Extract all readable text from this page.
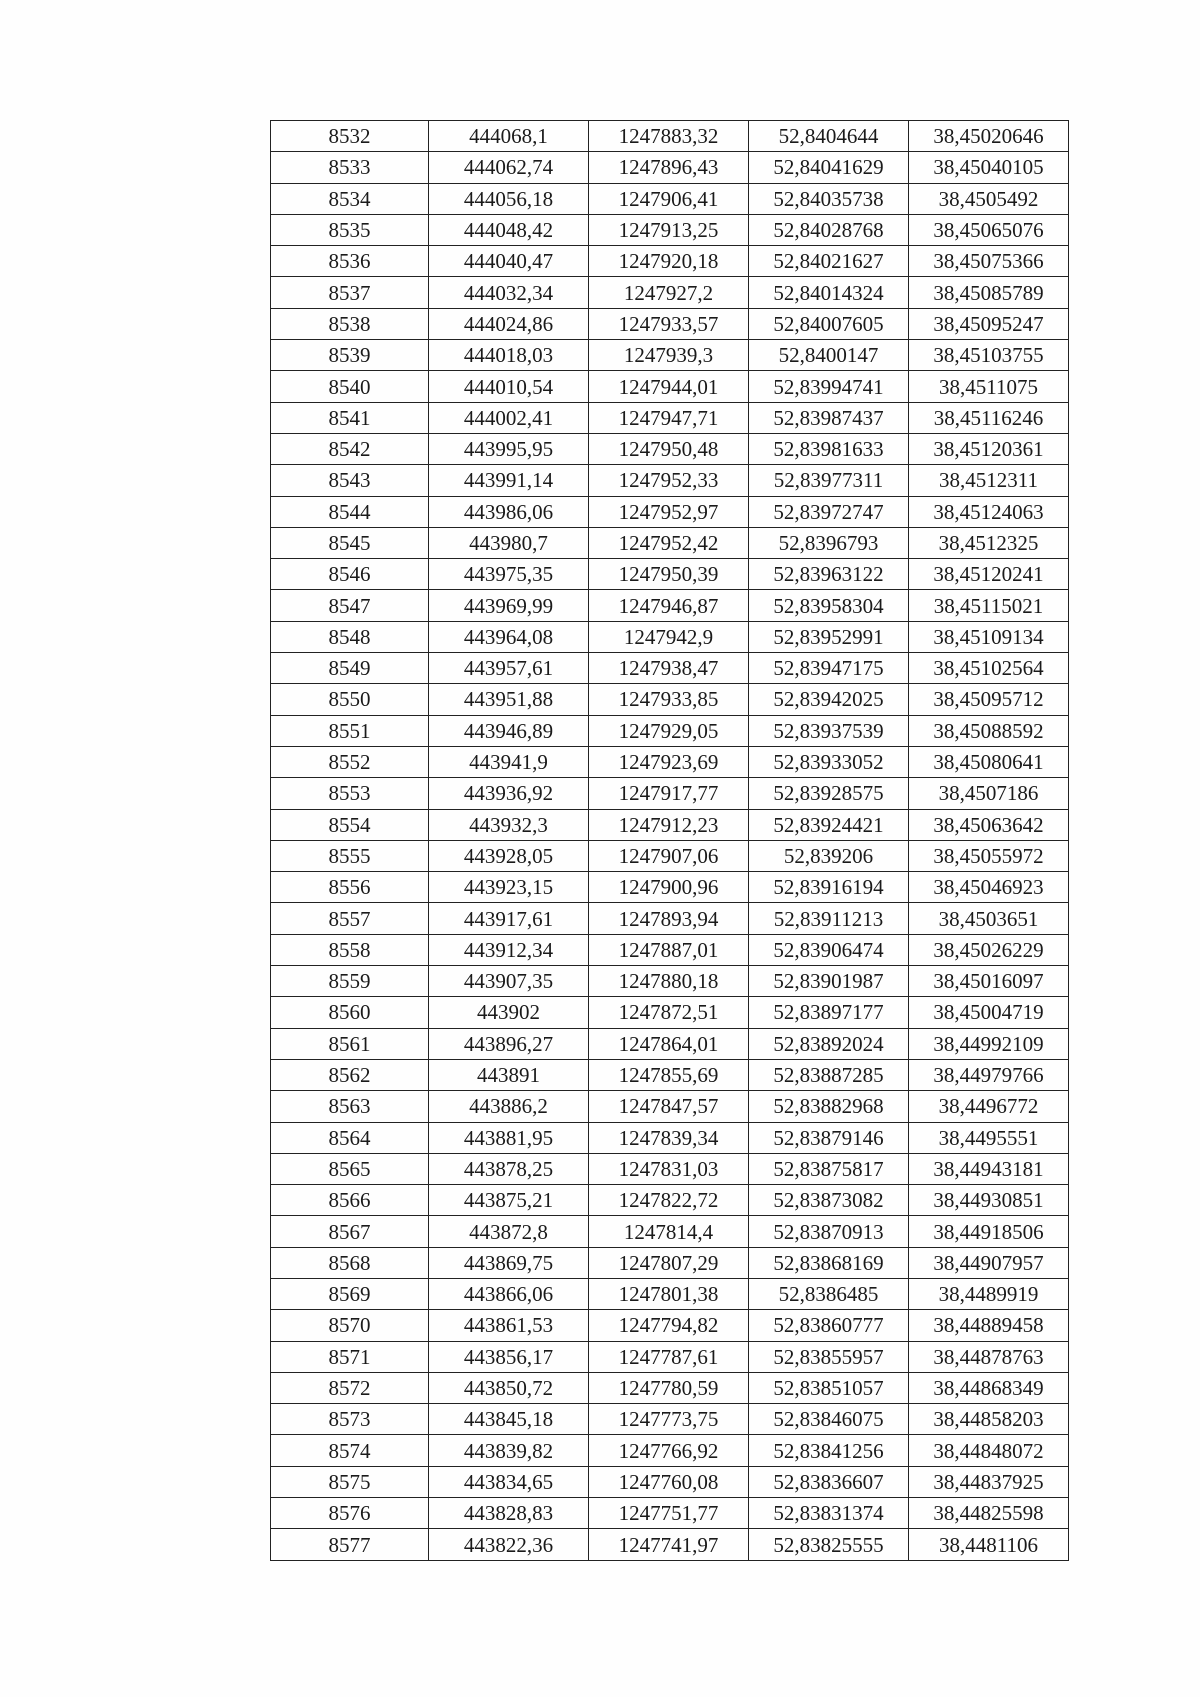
8532	444068,1	1247883,32	52,8404644	38,45020646
8533	444062,74	1247896,43	52,84041629	38,45040105
8534	444056,18	1247906,41	52,84035738	38,4505492
8535	444048,42	1247913,25	52,84028768	38,45065076
8536	444040,47	1247920,18	52,84021627	38,45075366
8537	444032,34	1247927,2	52,84014324	38,45085789
8538	444024,86	1247933,57	52,84007605	38,45095247
8539	444018,03	1247939,3	52,8400147	38,45103755
8540	444010,54	1247944,01	52,83994741	38,4511075
8541	444002,41	1247947,71	52,83987437	38,45116246
8542	443995,95	1247950,48	52,83981633	38,45120361
8543	443991,14	1247952,33	52,83977311	38,4512311
8544	443986,06	1247952,97	52,83972747	38,45124063
8545	443980,7	1247952,42	52,8396793	38,4512325
8546	443975,35	1247950,39	52,83963122	38,45120241
8547	443969,99	1247946,87	52,83958304	38,45115021
8548	443964,08	1247942,9	52,83952991	38,45109134
8549	443957,61	1247938,47	52,83947175	38,45102564
8550	443951,88	1247933,85	52,83942025	38,45095712
8551	443946,89	1247929,05	52,83937539	38,45088592
8552	443941,9	1247923,69	52,83933052	38,45080641
8553	443936,92	1247917,77	52,83928575	38,4507186
8554	443932,3	1247912,23	52,83924421	38,45063642
8555	443928,05	1247907,06	52,839206	38,45055972
8556	443923,15	1247900,96	52,83916194	38,45046923
8557	443917,61	1247893,94	52,83911213	38,4503651
8558	443912,34	1247887,01	52,83906474	38,45026229
8559	443907,35	1247880,18	52,83901987	38,45016097
8560	443902	1247872,51	52,83897177	38,45004719
8561	443896,27	1247864,01	52,83892024	38,44992109
8562	443891	1247855,69	52,83887285	38,44979766
8563	443886,2	1247847,57	52,83882968	38,4496772
8564	443881,95	1247839,34	52,83879146	38,4495551
8565	443878,25	1247831,03	52,83875817	38,44943181
8566	443875,21	1247822,72	52,83873082	38,44930851
8567	443872,8	1247814,4	52,83870913	38,44918506
8568	443869,75	1247807,29	52,83868169	38,44907957
8569	443866,06	1247801,38	52,8386485	38,4489919
8570	443861,53	1247794,82	52,83860777	38,44889458
8571	443856,17	1247787,61	52,83855957	38,44878763
8572	443850,72	1247780,59	52,83851057	38,44868349
8573	443845,18	1247773,75	52,83846075	38,44858203
8574	443839,82	1247766,92	52,83841256	38,44848072
8575	443834,65	1247760,08	52,83836607	38,44837925
8576	443828,83	1247751,77	52,83831374	38,44825598
8577	443822,36	1247741,97	52,83825555	38,4481106
